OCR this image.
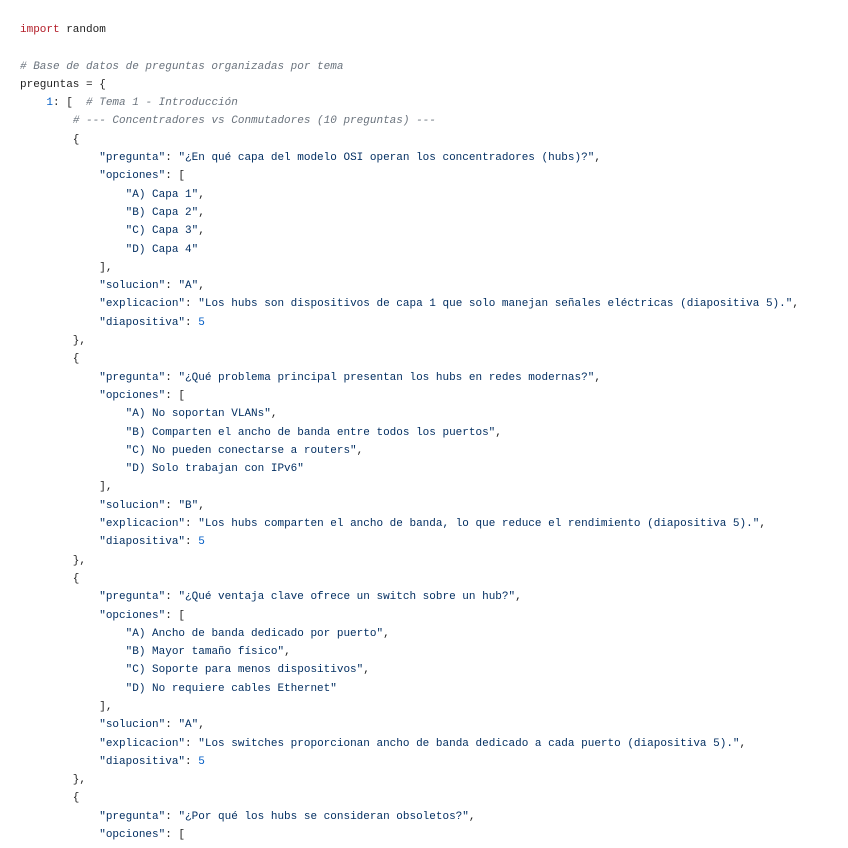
import random
# Base de datos de preguntas organizadas por tema
preguntas = {
1: [  # Tema 1 - Introducción
# --- Concentradores vs Conmutadores (10 preguntas) ---
{
"pregunta": "¿En qué capa del modelo OSI operan los concentradores (hubs)?",
"opciones": [
"A) Capa 1",
"B) Capa 2",
"C) Capa 3",
"D) Capa 4"
],
"solucion": "A",
"explicacion": "Los hubs son dispositivos de capa 1 que solo manejan señales eléctricas (diapositiva 5).",
"diapositiva": 5
},
{
"pregunta": "¿Qué problema principal presentan los hubs en redes modernas?",
"opciones": [
"A) No soportan VLANs",
"B) Comparten el ancho de banda entre todos los puertos",
"C) No pueden conectarse a routers",
"D) Solo trabajan con IPv6"
],
"solucion": "B",
"explicacion": "Los hubs comparten el ancho de banda, lo que reduce el rendimiento (diapositiva 5).",
"diapositiva": 5
},
{
"pregunta": "¿Qué ventaja clave ofrece un switch sobre un hub?",
"opciones": [
"A) Ancho de banda dedicado por puerto",
"B) Mayor tamaño físico",
"C) Soporte para menos dispositivos",
"D) No requiere cables Ethernet"
],
"solucion": "A",
"explicacion": "Los switches proporcionan ancho de banda dedicado a cada puerto (diapositiva 5).",
"diapositiva": 5
},
{
"pregunta": "¿Por qué los hubs se consideran obsoletos?",
"opciones": [
